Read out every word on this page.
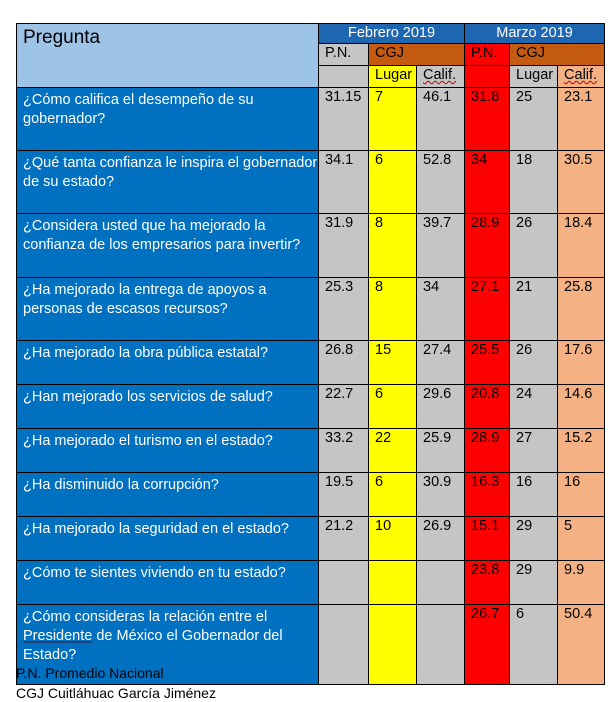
Pregunta	Febrero 2019			Marzo 2019		
	P.N.	CGJ		P.N.	CGJ	
		Lugar	Calif.		Lugar	Calif.
¿Cómo califica el desempeño de su gobernador?	31.15	7	46.1	31.8	25	23.1
¿Qué tanta confianza le inspira el gobernador de su estado?	34.1	6	52.8	34	18	30.5
¿Considera usted que ha mejorado la confianza de los empresarios para invertir?	31.9	8	39.7	28.9	26	18.4
¿Ha mejorado la entrega de apoyos a personas de escasos recursos?	25.3	8	34	27.1	21	25.8
¿Ha mejorado la obra pública estatal?	26.8	15	27.4	25.5	26	17.6
¿Han mejorado los servicios de salud?	22.7	6	29.6	20.8	24	14.6
¿Ha mejorado el turismo en el estado?	33.2	22	25.9	28.9	27	15.2
¿Ha disminuido la corrupción?	19.5	6	30.9	16.3	16	16
¿Ha mejorado la seguridad en el estado?	21.2	10	26.9	15.1	29	5
¿Cómo te sientes viviendo en tu estado?				23.8	29	9.9
¿Cómo consideras la relación entre el Presidente de México el Gobernador del Estado?				26.7	6	50.4
P.N. Promedio Nacional
CGJ Cuitláhuac García Jiménez
